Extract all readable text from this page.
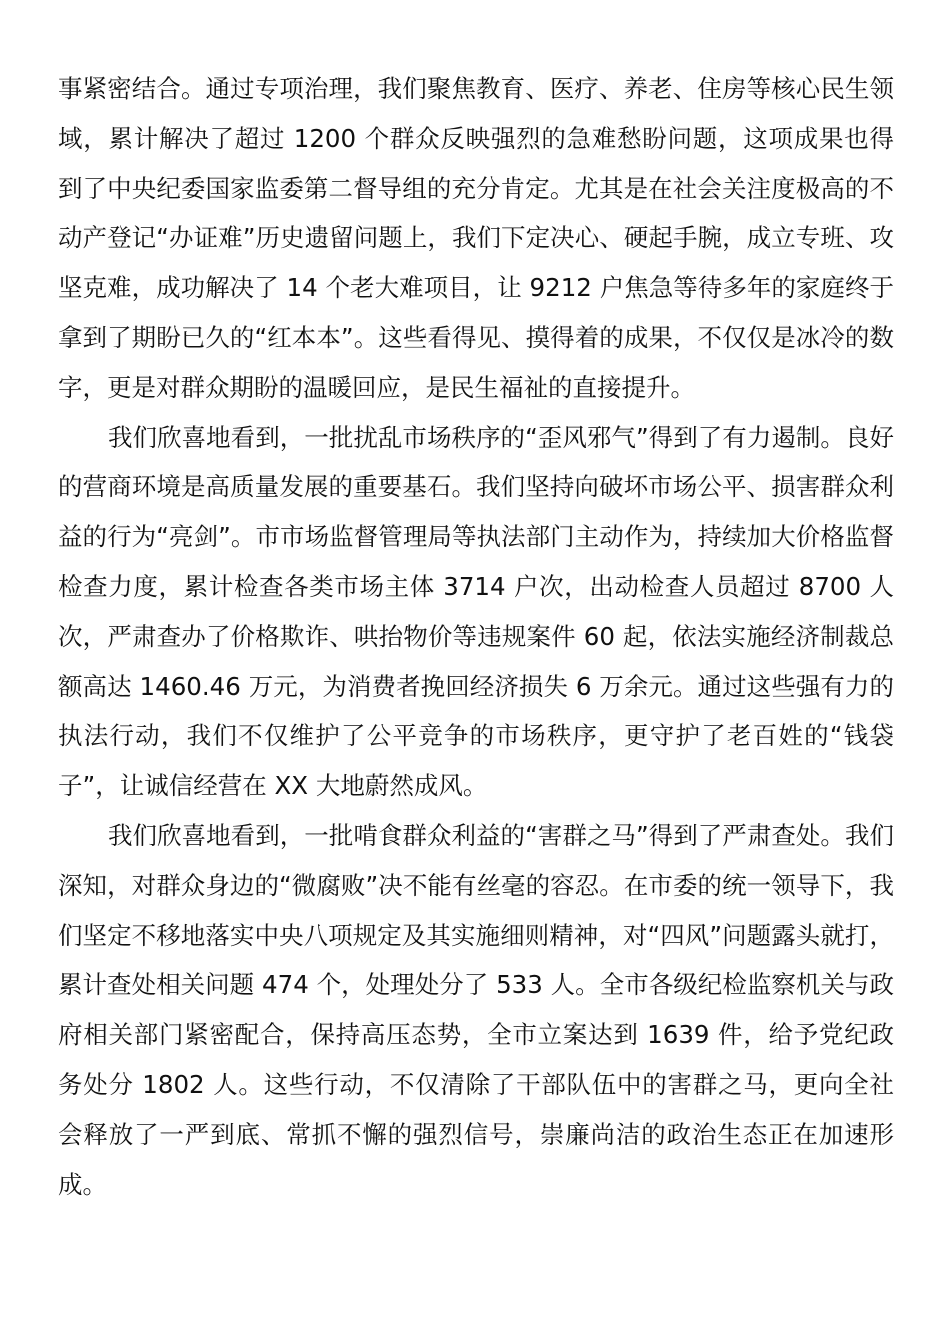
事紧密结合。通过专项治理，我们聚焦教育、医疗、养老、住房等核心民生领域，累计解决了超过 1200 个群众反映强烈的急难愁盼问题，这项成果也得到了中央纪委国家监委第二督导组的充分肯定。尤其是在社会关注度极高的不动产登记“办证难”历史遗留问题上，我们下定决心、硬起手腕，成立专班、攻坚克难，成功解决了 14 个老大难项目，让 9212 户焦急等待多年的家庭终于拿到了期盼已久的“红本本”。这些看得见、摸得着的成果，不仅仅是冰冷的数字，更是对群众期盼的温暖回应，是民生福祉的直接提升。

我们欣喜地看到，一批扰乱市场秩序的“歪风邪气”得到了有力遏制。良好的营商环境是高质量发展的重要基石。我们坚持向破坏市场公平、损害群众利益的行为“亮剑”。市市场监督管理局等执法部门主动作为，持续加大价格监督检查力度，累计检查各类市场主体 3714 户次，出动检查人员超过 8700 人次，严肃查办了价格欺诈、哄抬物价等违规案件 60 起，依法实施经济制裁总额高达 1460.46 万元，为消费者挽回经济损失 6 万余元。通过这些强有力的执法行动，我们不仅维护了公平竞争的市场秩序，更守护了老百姓的“钱袋子”，让诚信经营在 XX 大地蔚然成风。

我们欣喜地看到，一批啃食群众利益的“害群之马”得到了严肃查处。我们深知，对群众身边的“微腐败”决不能有丝毫的容忍。在市委的统一领导下，我们坚定不移地落实中央八项规定及其实施细则精神，对“四风”问题露头就打，累计查处相关问题 474 个，处理处分了 533 人。全市各级纪检监察机关与政府相关部门紧密配合，保持高压态势，全市立案达到 1639 件，给予党纪政务处分 1802 人。这些行动，不仅清除了干部队伍中的害群之马，更向全社会释放了一严到底、常抓不懈的强烈信号，崇廉尚洁的政治生态正在加速形成。
